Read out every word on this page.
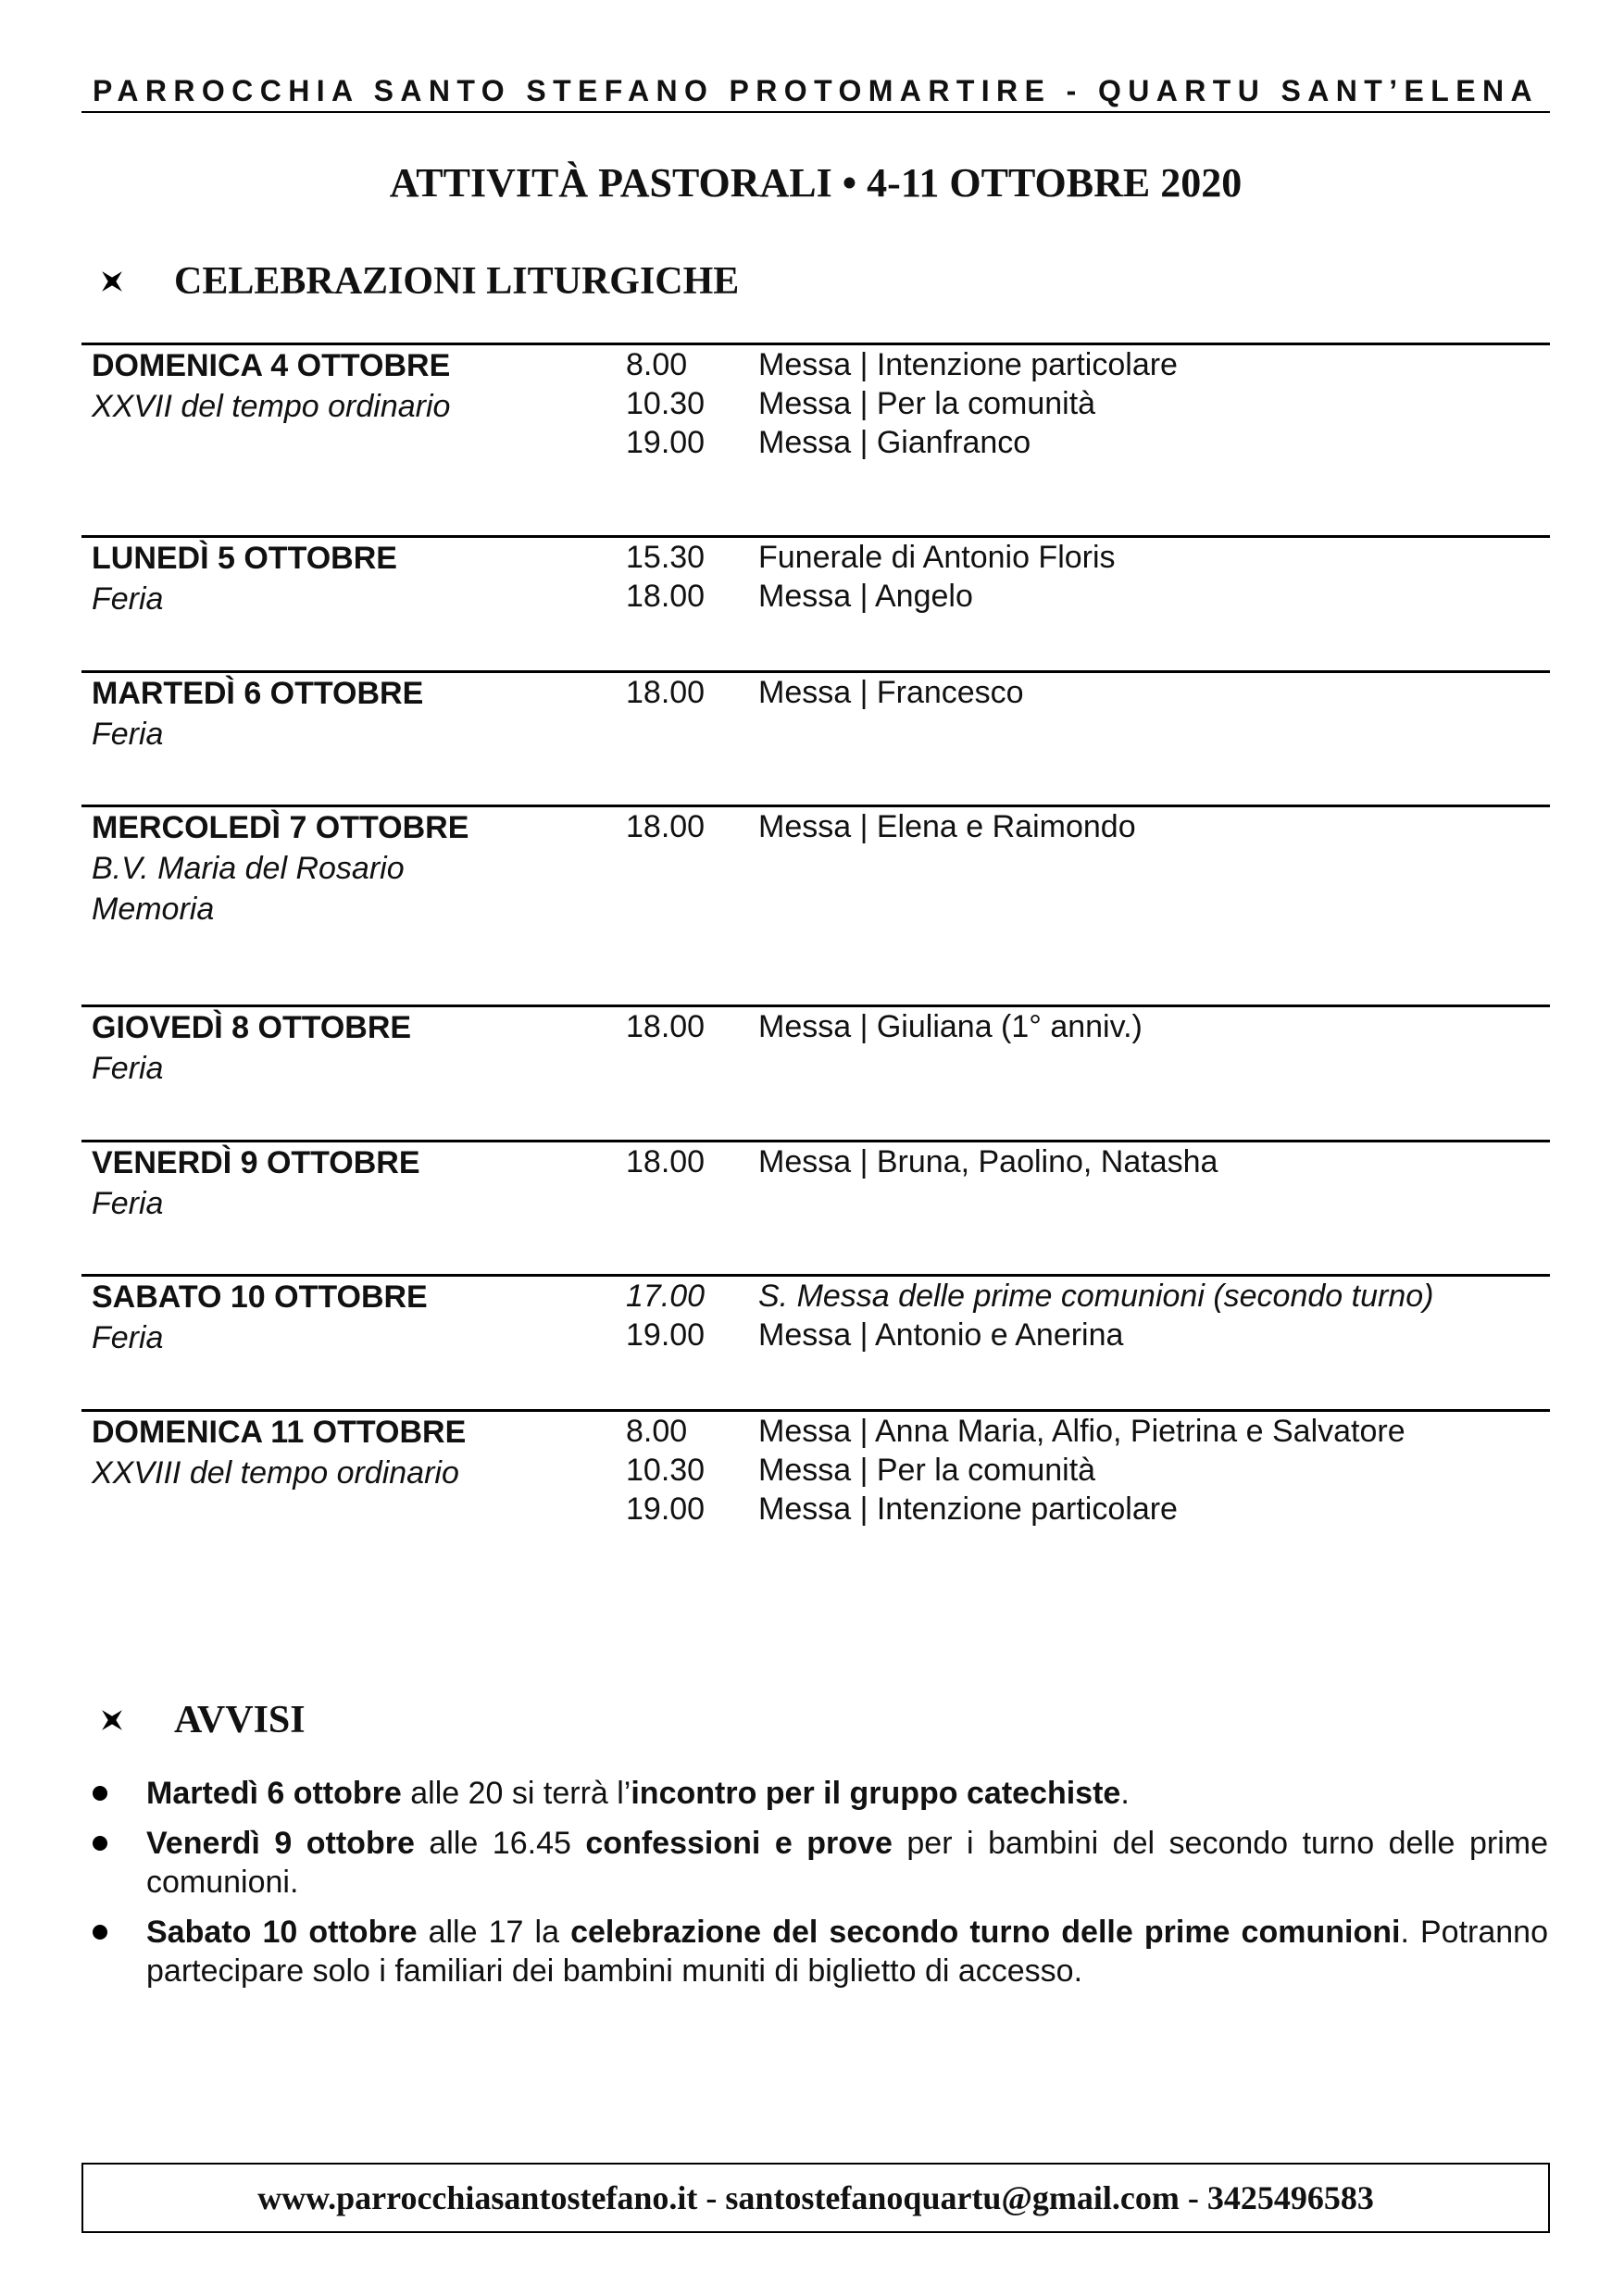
PARROCCHIA SANTO STEFANO PROTOMARTIRE - QUARTU SANT’ELENA
ATTIVITÀ PASTORALI • 4-11 OTTOBRE 2020
CELEBRAZIONI LITURGICHE
DOMENICA 4 OTTOBRE
XXVII del tempo ordinario
8.00 Messa | Intenzione particolare
10.30 Messa | Per la comunità
19.00 Messa | Gianfranco
LUNEDÌ 5 OTTOBRE
Feria
15.30 Funerale di Antonio Floris
18.00 Messa | Angelo
MARTEDÌ 6 OTTOBRE
Feria
18.00 Messa | Francesco
MERCOLEDÌ 7 OTTOBRE
B.V. Maria del Rosario
Memoria
18.00 Messa | Elena e Raimondo
GIOVEDÌ 8 OTTOBRE
Feria
18.00 Messa | Giuliana (1° anniv.)
VENERDÌ 9 OTTOBRE
Feria
18.00 Messa | Bruna, Paolino, Natasha
SABATO 10 OTTOBRE
Feria
17.00 S. Messa delle prime comunioni (secondo turno)
19.00 Messa | Antonio e Anerina
DOMENICA 11 OTTOBRE
XXVIII del tempo ordinario
8.00 Messa | Anna Maria, Alfio, Pietrina e Salvatore
10.30 Messa | Per la comunità
19.00 Messa | Intenzione particolare
AVVISI
Martedì 6 ottobre alle 20 si terrà l’incontro per il gruppo catechiste.
Venerdì 9 ottobre alle 16.45 confessioni e prove per i bambini del secondo turno delle prime comunioni.
Sabato 10 ottobre alle 17 la celebrazione del secondo turno delle prime comunioni. Potranno partecipare solo i familiari dei bambini muniti di biglietto di accesso.
www.parrocchiasantostefano.it - santostefanoquartu@gmail.com - 3425496583
